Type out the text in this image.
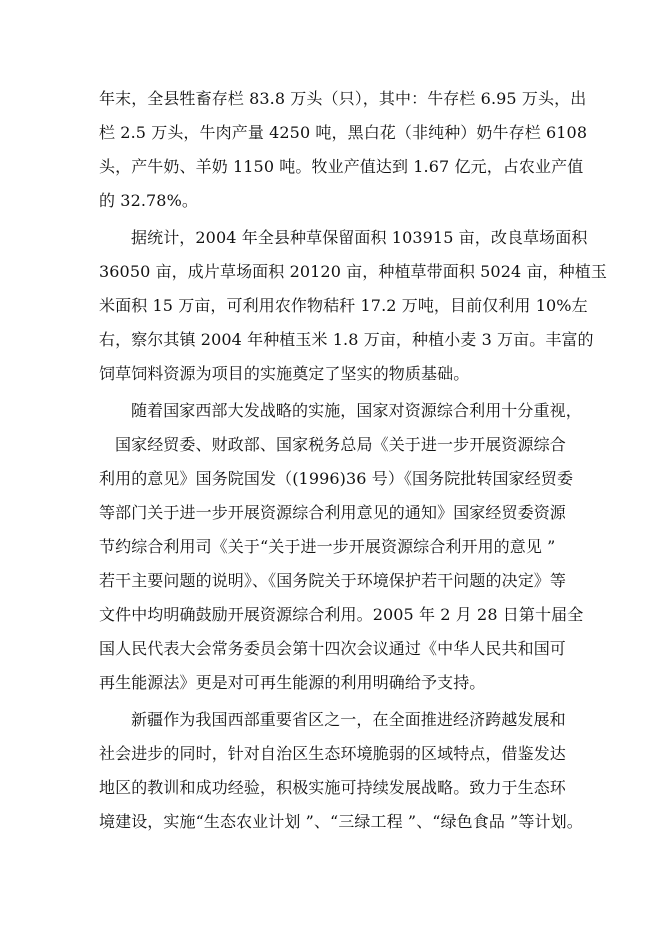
年末，全县牲畜存栏 83.8 万头（只），其中：牛存栏 6.95 万头，出
栏 2.5 万头，牛肉产量 4250 吨，黑白花（非纯种）奶牛存栏 6108
头，产牛奶、羊奶 1150 吨。牧业产值达到 1.67 亿元，占农业产值
的 32.78%。
据统计，2004 年全县种草保留面积 103915 亩，改良草场面积
36050 亩，成片草场面积 20120 亩，种植草带面积 5024 亩，种植玉
米面积 15 万亩，可利用农作物秸秆 17.2 万吨，目前仅利用 10%左
右，察尔其镇 2004 年种植玉米 1.8 万亩，种植小麦 3 万亩。丰富的
饲草饲料资源为项目的实施奠定了坚实的物质基础。
随着国家西部大发战略的实施，国家对资源综合利用十分重视，
国家经贸委、财政部、国家税务总局《关于进一步开展资源综合
利用的意见》国务院国发（(1996)36 号）《国务院批转国家经贸委
等部门关于进一步开展资源综合利用意见的通知》国家经贸委资源
节约综合利用司《关于“关于进一步开展资源综合利开用的意见 ”
若干主要问题的说明》、《国务院关于环境保护若干问题的决定》等
文件中均明确鼓励开展资源综合利用。2005 年 2 月 28 日第十届全
国人民代表大会常务委员会第十四次会议通过《中华人民共和国可
再生能源法》更是对可再生能源的利用明确给予支持。
新疆作为我国西部重要省区之一，在全面推进经济跨越发展和
社会进步的同时，针对自治区生态环境脆弱的区域特点，借鉴发达
地区的教训和成功经验，积极实施可持续发展战略。致力于生态环
境建设，实施“生态农业计划 ”、“三绿工程 ”、“绿色食品 ”等计划。
